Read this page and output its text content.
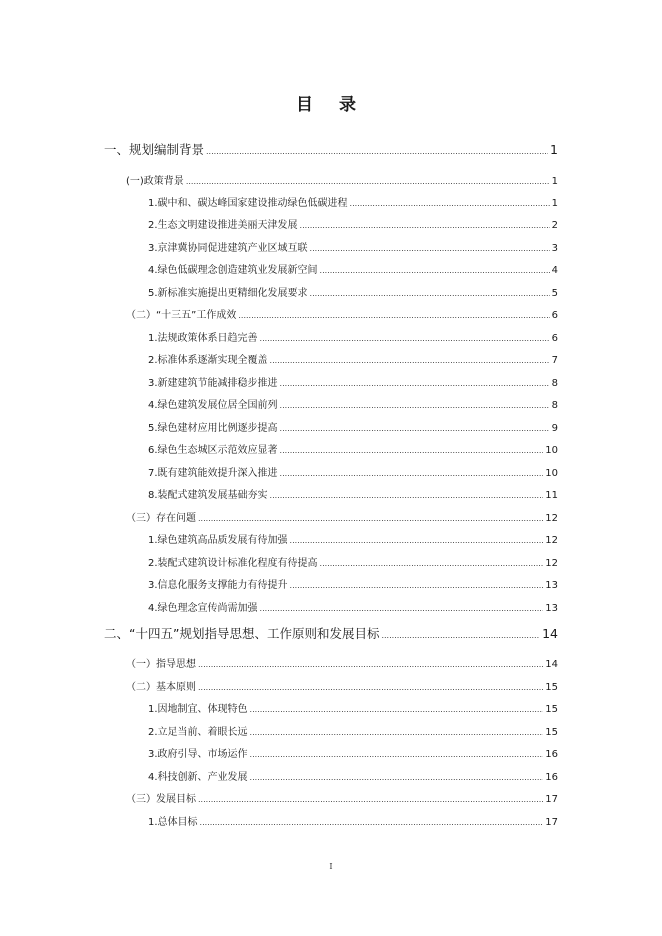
目 录
一、规划编制背景 .....	1
(一)政策背景 .....	1
1.碳中和、碳达峰国家建设推动绿色低碳进程 .....	1
2.生态文明建设推进美丽天津发展 .....	2
3.京津冀协同促进建筑产业区域互联 .....	3
4.绿色低碳理念创造建筑业发展新空间 .....	4
5.新标准实施提出更精细化发展要求 .....	5
（二）“十三五”工作成效 .....	6
1.法规政策体系日趋完善 .....	6
2.标准体系逐渐实现全覆盖 .....	7
3.新建建筑节能减排稳步推进 .....	8
4.绿色建筑发展位居全国前列 .....	8
5.绿色建材应用比例逐步提高 .....	9
6.绿色生态城区示范效应显著 .....	10
7.既有建筑能效提升深入推进 .....	10
8.装配式建筑发展基础夯实 .....	11
（三）存在问题 .....	12
1.绿色建筑高品质发展有待加强 .....	12
2.装配式建筑设计标准化程度有待提高 .....	12
3.信息化服务支撑能力有待提升 .....	13
4.绿色理念宣传尚需加强 .....	13
二、“十四五”规划指导思想、工作原则和发展目标 .....	14
（一）指导思想 .....	14
（二）基本原则 .....	15
1.因地制宜、体现特色 .....	15
2.立足当前、着眼长远 .....	15
3.政府引导、市场运作 .....	16
4.科技创新、产业发展 .....	16
（三）发展目标 .....	17
1.总体目标 .....	17
I
